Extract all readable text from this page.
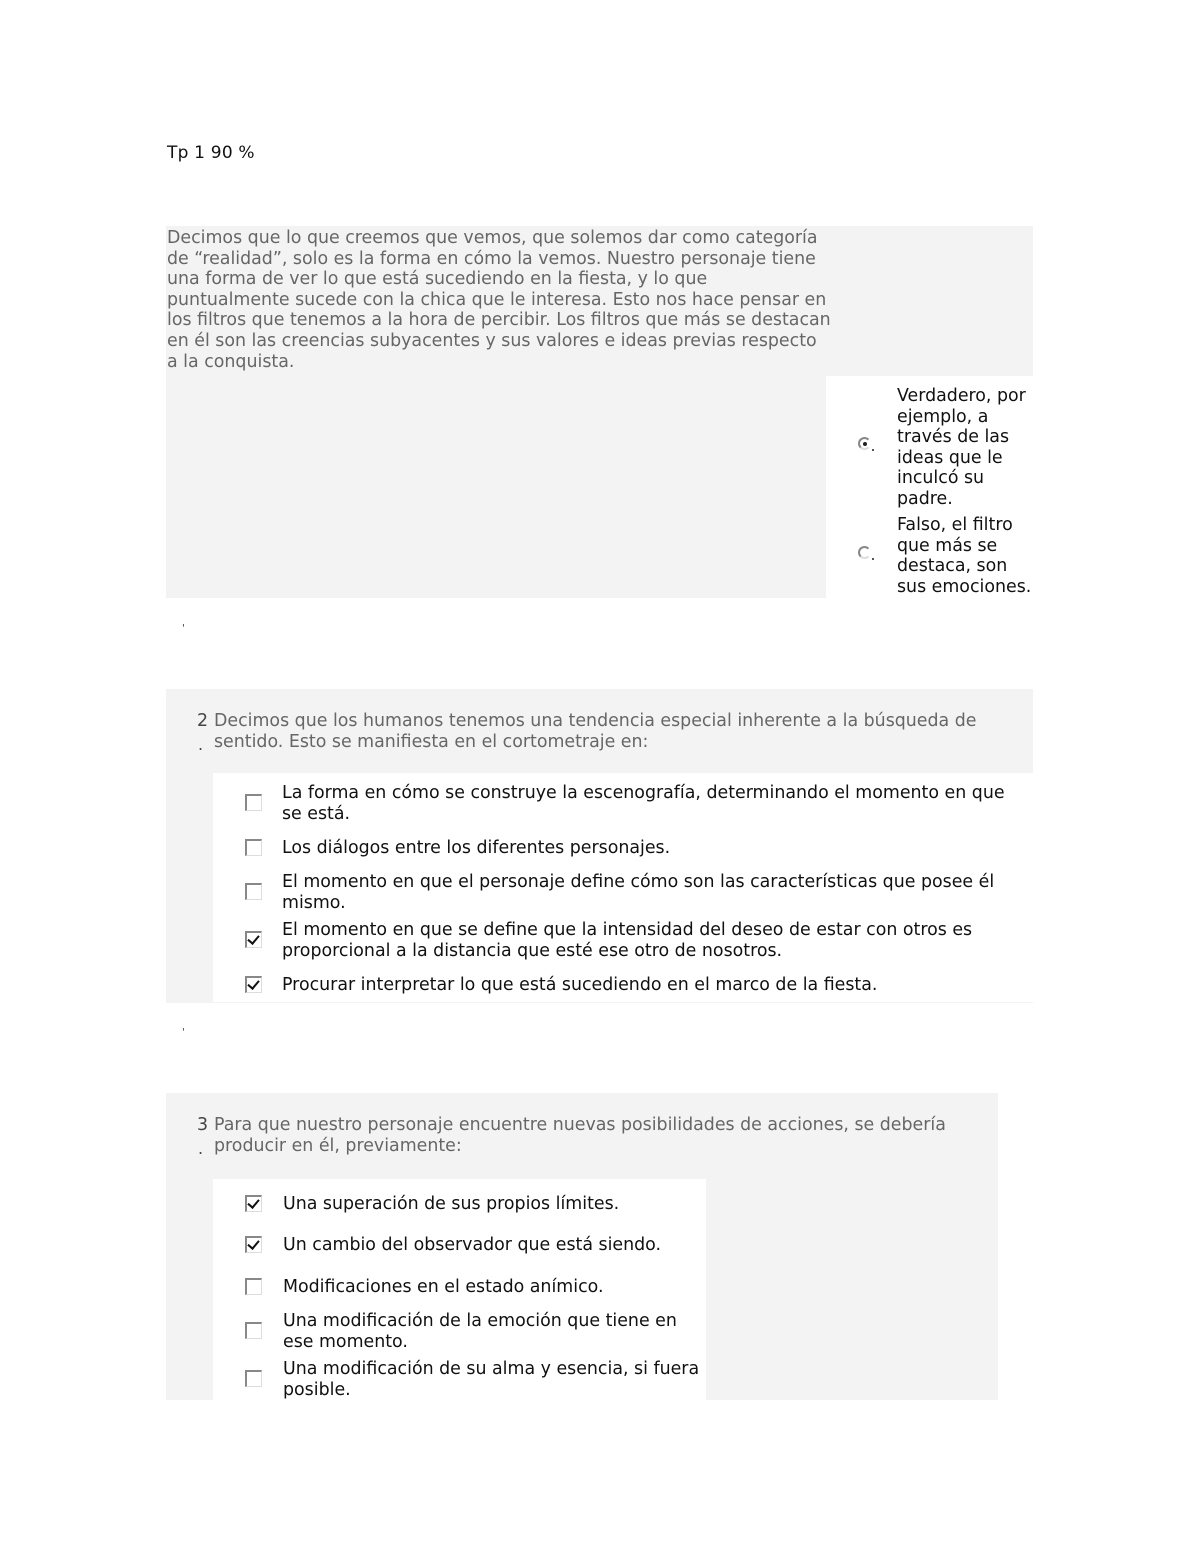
Tp 1 90 %
Decimos que lo que creemos que vemos, que solemos dar como categoría de “realidad”, solo es la forma en cómo la vemos. Nuestro personaje tiene una forma de ver lo que está sucediendo en la fiesta, y lo que puntualmente sucede con la chica que le interesa. Esto nos hace pensar en los filtros que tenemos a la hora de percibir. Los filtros que más se destacan en él son las creencias subyacentes y sus valores e ideas previas respecto a la conquista.
Verdadero, por ejemplo, a través de las ideas que le inculcó su padre.
Falso, el filtro que más se destaca, son sus emociones.
'
2
.
Decimos que los humanos tenemos una tendencia especial inherente a la búsqueda de sentido. Esto se manifiesta en el cortometraje en:
La forma en cómo se construye la escenografía, determinando el momento en que se está.
Los diálogos entre los diferentes personajes.
El momento en que el personaje define cómo son las características que posee él mismo.
El momento en que se define que la intensidad del deseo de estar con otros es proporcional a la distancia que esté ese otro de nosotros.
Procurar interpretar lo que está sucediendo en el marco de la fiesta.
'
3
.
Para que nuestro personaje encuentre nuevas posibilidades de acciones, se debería producir en él, previamente:
Una superación de sus propios límites.
Un cambio del observador que está siendo.
Modificaciones en el estado anímico.
Una modificación de la emoción que tiene en ese momento.
Una modificación de su alma y esencia, si fuera posible.
